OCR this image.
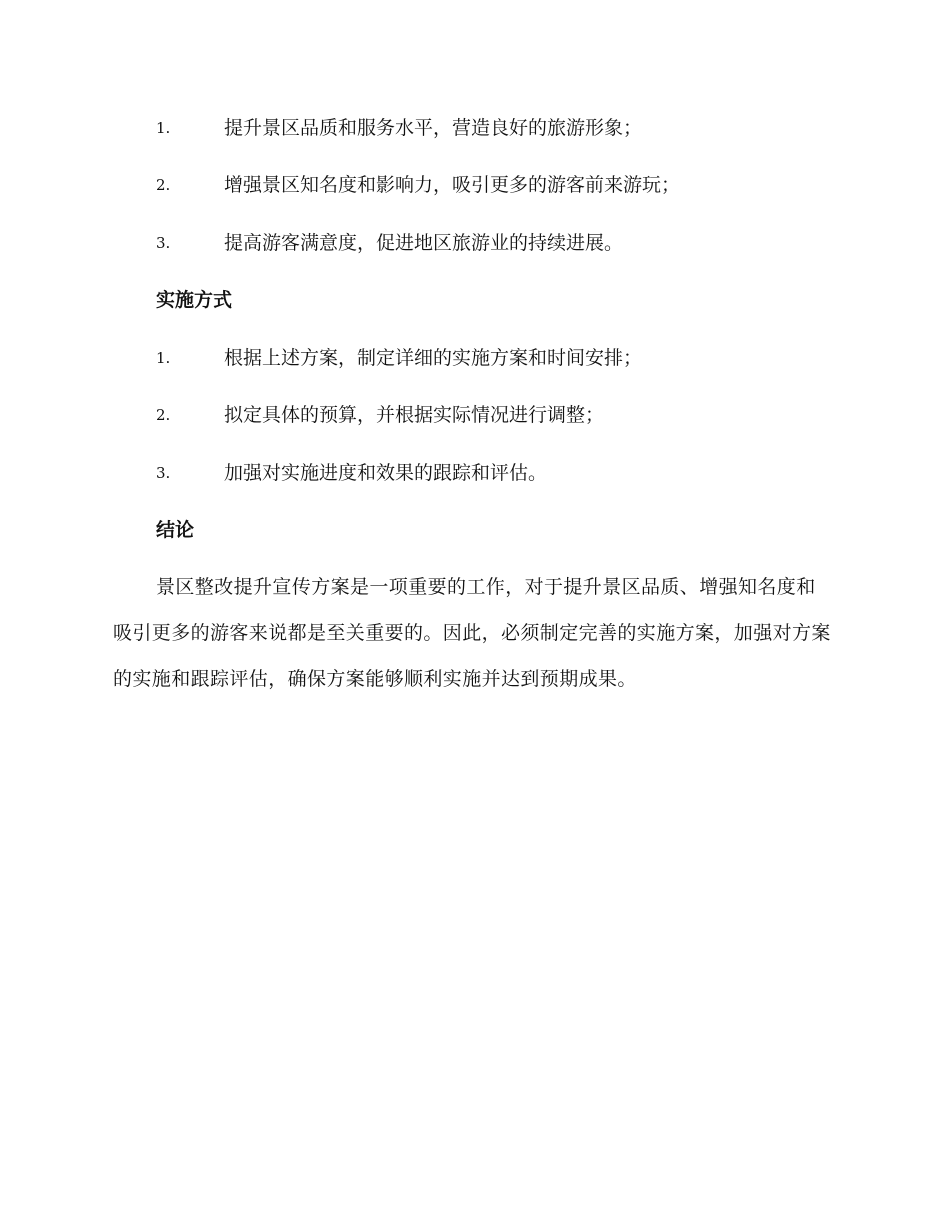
1.	提升景区品质和服务水平，营造良好的旅游形象；
2.	增强景区知名度和影响力，吸引更多的游客前来游玩；
3.	提高游客满意度，促进地区旅游业的持续进展。
实施方式
1.	根据上述方案，制定详细的实施方案和时间安排；
2.	拟定具体的预算，并根据实际情况进行调整；
3.	加强对实施进度和效果的跟踪和评估。
结论

景区整改提升宣传方案是一项重要的工作，对于提升景区品质、增强知名度和吸引更多的游客来说都是至关重要的。因此，必须制定完善的实施方案，加强对方案的实施和跟踪评估，确保方案能够顺利实施并达到预期成果。
